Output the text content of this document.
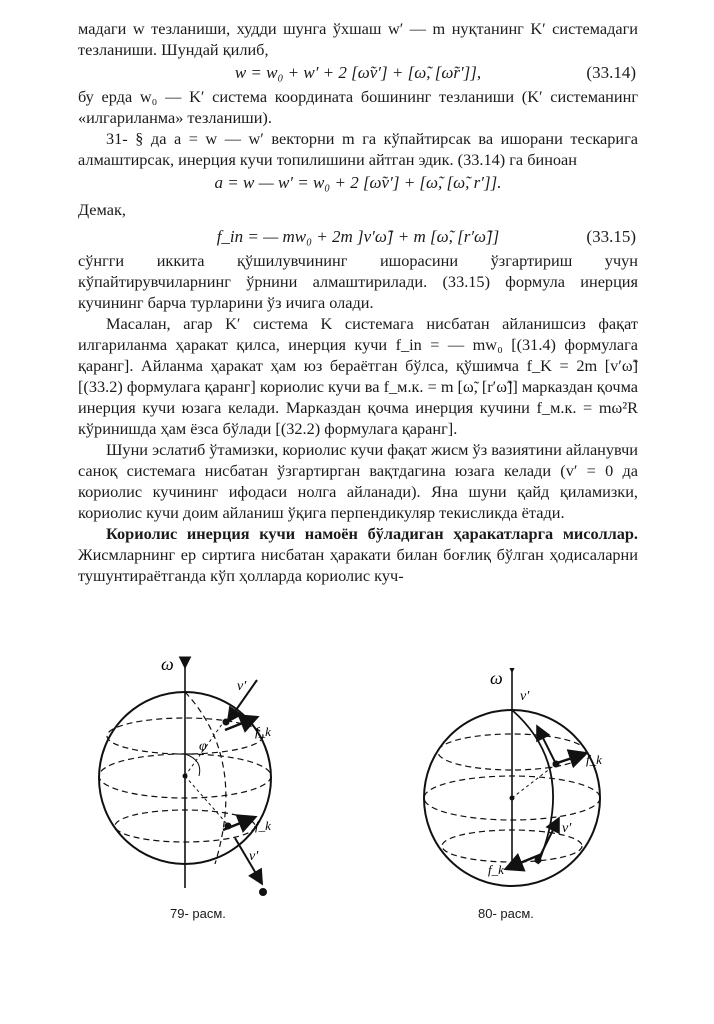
мадаги w тезланиши, худди шунга ўхшаш w′ — m нуқтанинг K′ системадаги тезланиши. Шундай қилиб,

w = w₀ + w′ + 2 [ω̃v′] + [ω̃, [ω̃r′]],	(33.14)

бу ерда w₀ — K′ система координата бошининг тезланиши (K′ системанинг «илгариланма» тезланиши).

31- § да a = w — w′ векторни m га кўпайтирсак ва ишорани тескарига алмаштирсак, инерция кучи топилишини айтган эдик. (33.14) га биноан

a = w — w′ = w₀ + 2 [ω̃v′] + [ω̃, [ω̃, r′]].

Демак,

f_in = — mw₀ + 2m ]v′ω̃] + m [ω̃, [r′ω̃]]	(33.15)

сўнгги иккита қўшилувчининг ишорасини ўзгартириш учун кўпайтирувчиларнинг ўрнини алмаштирилади. (33.15) формула инерция кучининг барча турларини ўз ичига олади.

Масалан, агар K′ система K системага нисбатан айланишсиз фақат илгариланма ҳаракат қилса, инерция кучи f_in = — mw₀ [(31.4) формулага қаранг]. Айланма ҳаракат ҳам юз бераётган бўлса, қўшимча f_K = 2m [v′ω̃] [(33.2) формулага қаранг] кориолис кучи ва f_м.к. = m [ω̃, [r′ω̃]] марказдан қочма инерция кучи юзага келади. Марказдан қочма инерция кучини f_м.к. = mω²R кўринишда ҳам ёзса бўлади [(32.2) формулага қаранг].

Шуни эслатиб ўтамизки, кориолис кучи фақат жисм ўз вазиятини айланувчи саноқ системага нисбатан ўзгартирган вақтдагина юзага келади (v′ = 0 да кориолис кучининг ифодаси нолга айланади). Яна шуни қайд қиламизки, кориолис кучи доим айланиш ўқига перпендикуляр текисликда ётади.

Кориолис инерция кучи намоён бўладиган ҳаракатларга мисоллар. Жисмларнинг ер сиртига нисбатан ҳаракати билан боғлиқ бўлган ҳодисаларни тушунтираётганда кўп ҳолларда кориолис куч-

ω
v′
f_k
φ
f_k
v′
79- расм.
ω
v′
f_k
v′
f_k
80- расм.
